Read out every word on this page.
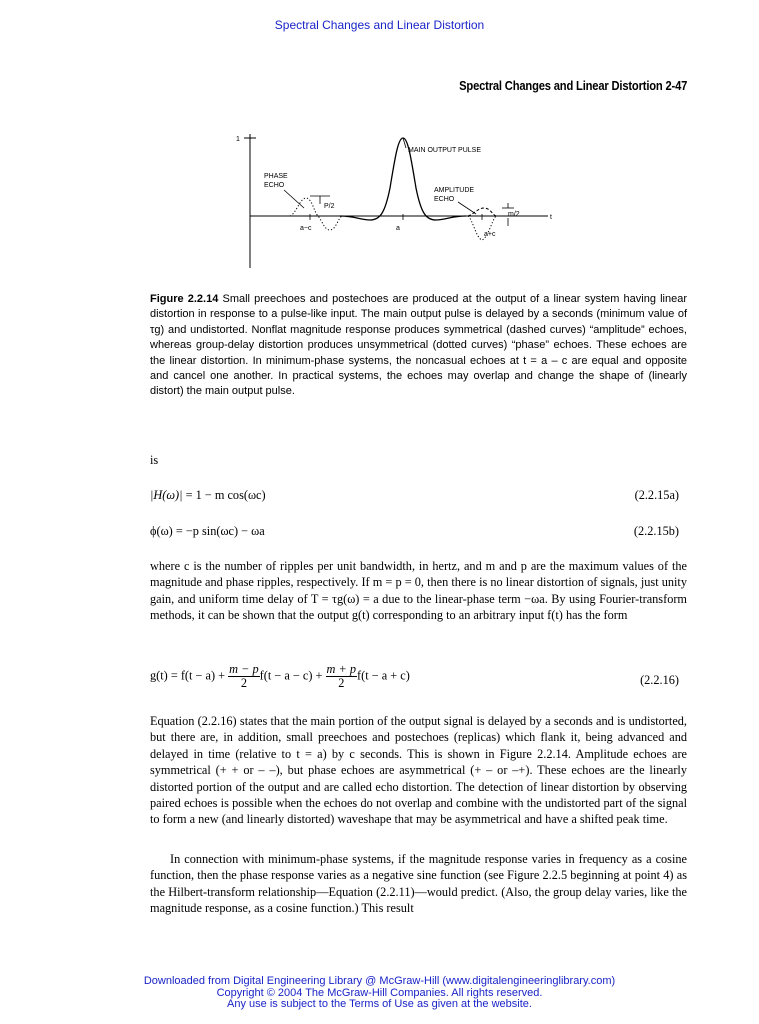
Spectral Changes and Linear Distortion
Spectral Changes and Linear Distortion 2-47
1
MAIN OUTPUT PULSE
PHASE
ECHO
AMPLITUDE
ECHO
P/2
m/2
a−c	a
a+c
t
Figure 2.2.14 Small preechoes and postechoes are produced at the output of a linear system having linear distortion in response to a pulse-like input. The main output pulse is delayed by a seconds (minimum value of τg) and undistorted. Nonflat magnitude response produces symmetrical (dashed curves) “amplitude” echoes, whereas group-delay distortion produces unsymmetrical (dotted curves) “phase” echoes. These echoes are the linear distortion. In minimum-phase systems, the noncasual echoes at t = a – c are equal and opposite and cancel one another. In practical systems, the echoes may overlap and change the shape of (linearly distort) the main output pulse.
is
|H(ω)| = 1 − m cos(ωc)	(2.2.15a)
ϕ(ω) = −p sin(ωc) − ωa	(2.2.15b)
where c is the number of ripples per unit bandwidth, in hertz, and m and p are the maximum values of the magnitude and phase ripples, respectively. If m = p = 0, then there is no linear distortion of signals, just unity gain, and uniform time delay of T = τg(ω) = a due to the linear-phase term −ωa. By using Fourier-transform methods, it can be shown that the output g(t) corresponding to an arbitrary input f(t) has the form
$g(t) = f(t - a) + \frac{m - p}{2} f(t - a - c) + \frac{m + p}{2} f(t - a + c)$	(2.2.16)
Equation (2.2.16) states that the main portion of the output signal is delayed by a seconds and is undistorted, but there are, in addition, small preechoes and postechoes (replicas) which flank it, being advanced and delayed in time (relative to t = a) by c seconds. This is shown in Figure 2.2.14. Amplitude echoes are symmetrical (+ + or – –), but phase echoes are asymmetrical (+ – or –+). These echoes are the linearly distorted portion of the output and are called echo distortion. The detection of linear distortion by observing paired echoes is possible when the echoes do not overlap and combine with the undistorted part of the signal to form a new (and linearly distorted) waveshape that may be asymmetrical and have a shifted peak time.
In connection with minimum-phase systems, if the magnitude response varies in frequency as a cosine function, then the phase response varies as a negative sine function (see Figure 2.2.5 beginning at point 4) as the Hilbert-transform relationship—Equation (2.2.11)—would predict. (Also, the group delay varies, like the magnitude response, as a cosine function.) This result
Downloaded from Digital Engineering Library @ McGraw-Hill (www.digitalengineeringlibrary.com)
Copyright © 2004 The McGraw-Hill Companies. All rights reserved.
Any use is subject to the Terms of Use as given at the website.
